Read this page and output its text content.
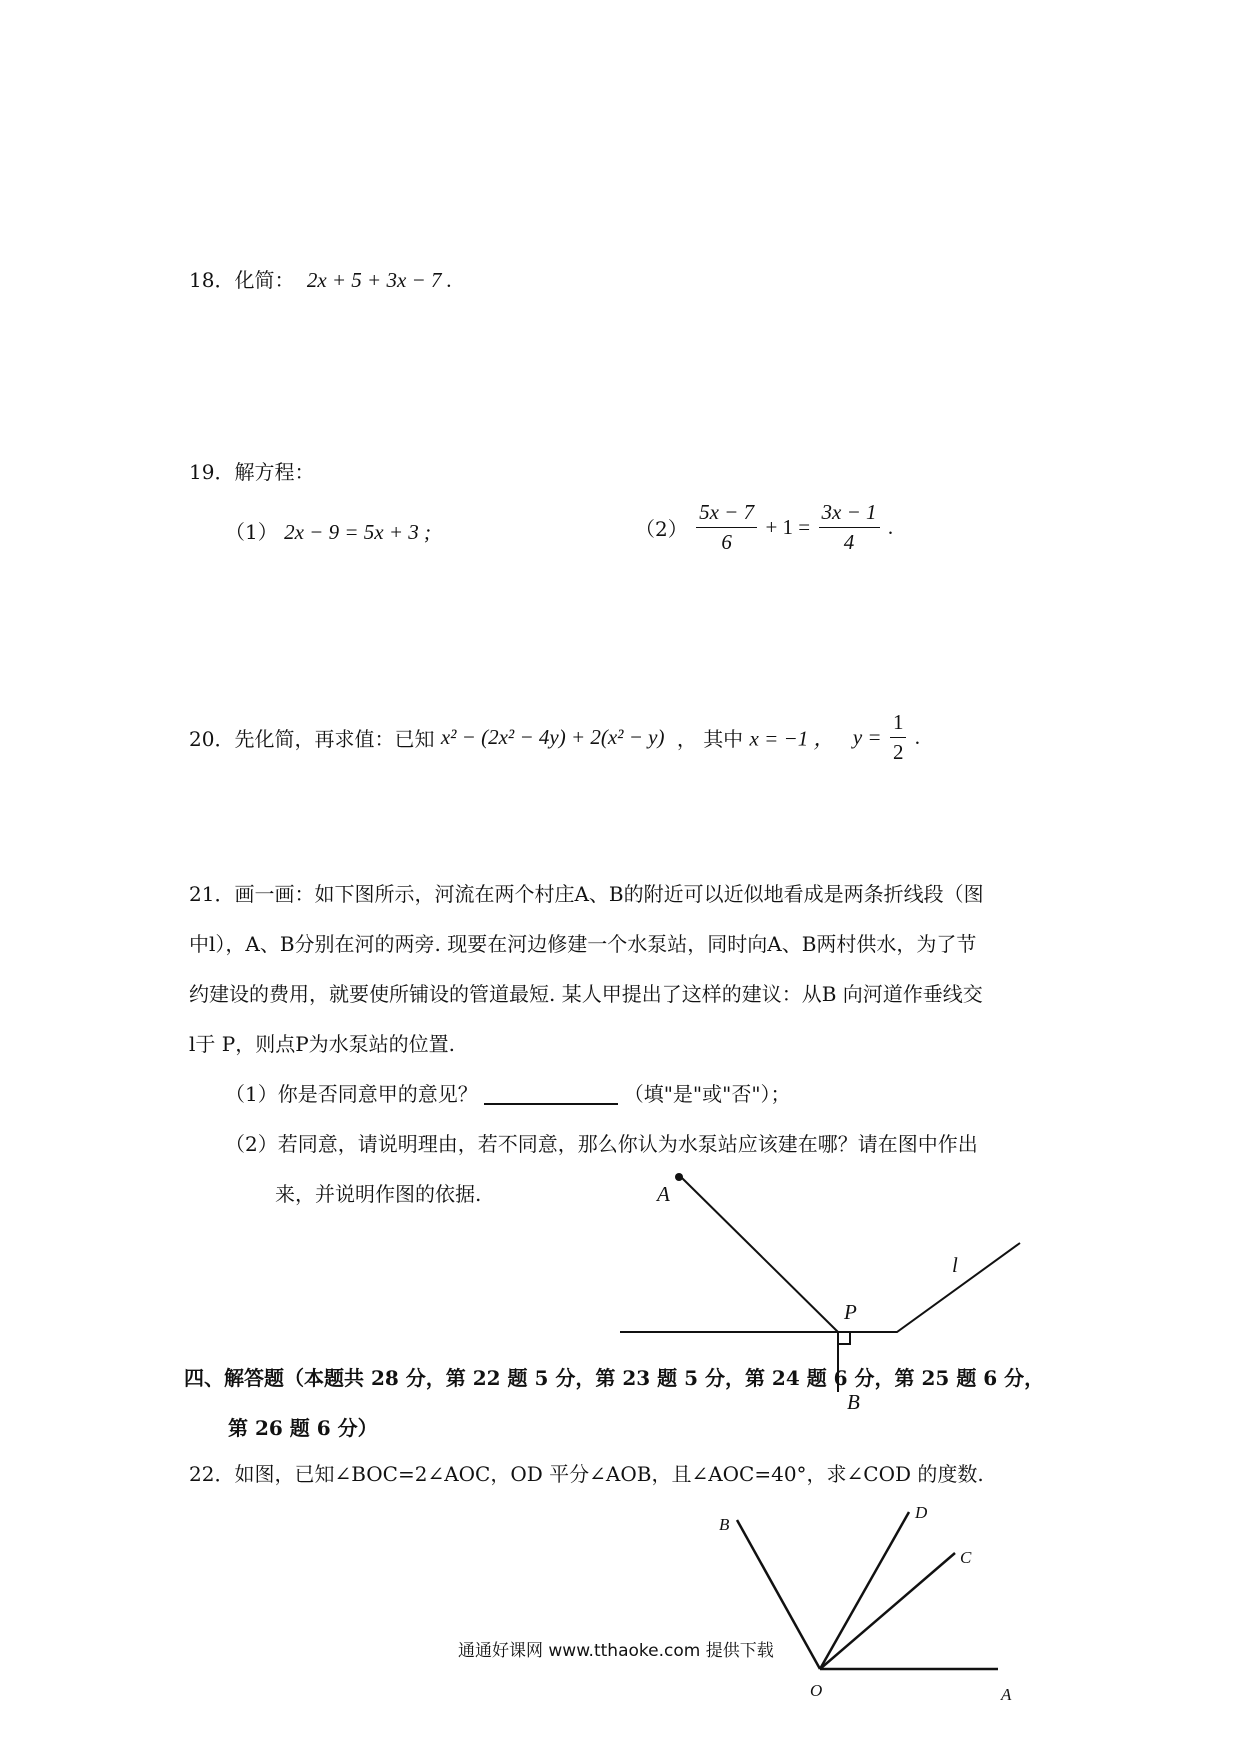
18．化简： 2x + 5 + 3x − 7 .
19．解方程：
（1） 2x − 9 = 5x + 3 ;	$(2) \frac{5x - 7}{6} + 1 = \frac{3x - 1}{4}$ .
20．先化简，再求值：已知 x² − (2x² − 4y) + 2(x² − y) ， 其中 x = −1 ， $y = \frac{1}{2}$ .
21．画一画：如下图所示，河流在两个村庄A、B的附近可以近似地看成是两条折线段（图
中l），A、B分别在河的两旁. 现要在河边修建一个水泵站，同时向A、B两村供水，为了节
约建设的费用，就要使所铺设的管道最短. 某人甲提出了这样的建议：从B 向河道作垂线交
l于 P，则点P为水泵站的位置.
（1）你是否同意甲的意见？	（填"是"或"否"）；
（2）若同意，请说明理由，若不同意，那么你认为水泵站应该建在哪？请在图中作出
来，并说明作图的依据.	A
P
l
B
四、解答题（本题共 28 分，第 22 题 5 分，第 23 题 5 分，第 24 题 6 分，第 25 题 6 分，
第 26 题 6 分）
22．如图，已知∠BOC=2∠AOC，OD 平分∠AOB，且∠AOC=40°，求∠COD 的度数.
B
D
C
O	A
通通好课网 www.tthaoke.com 提供下载
